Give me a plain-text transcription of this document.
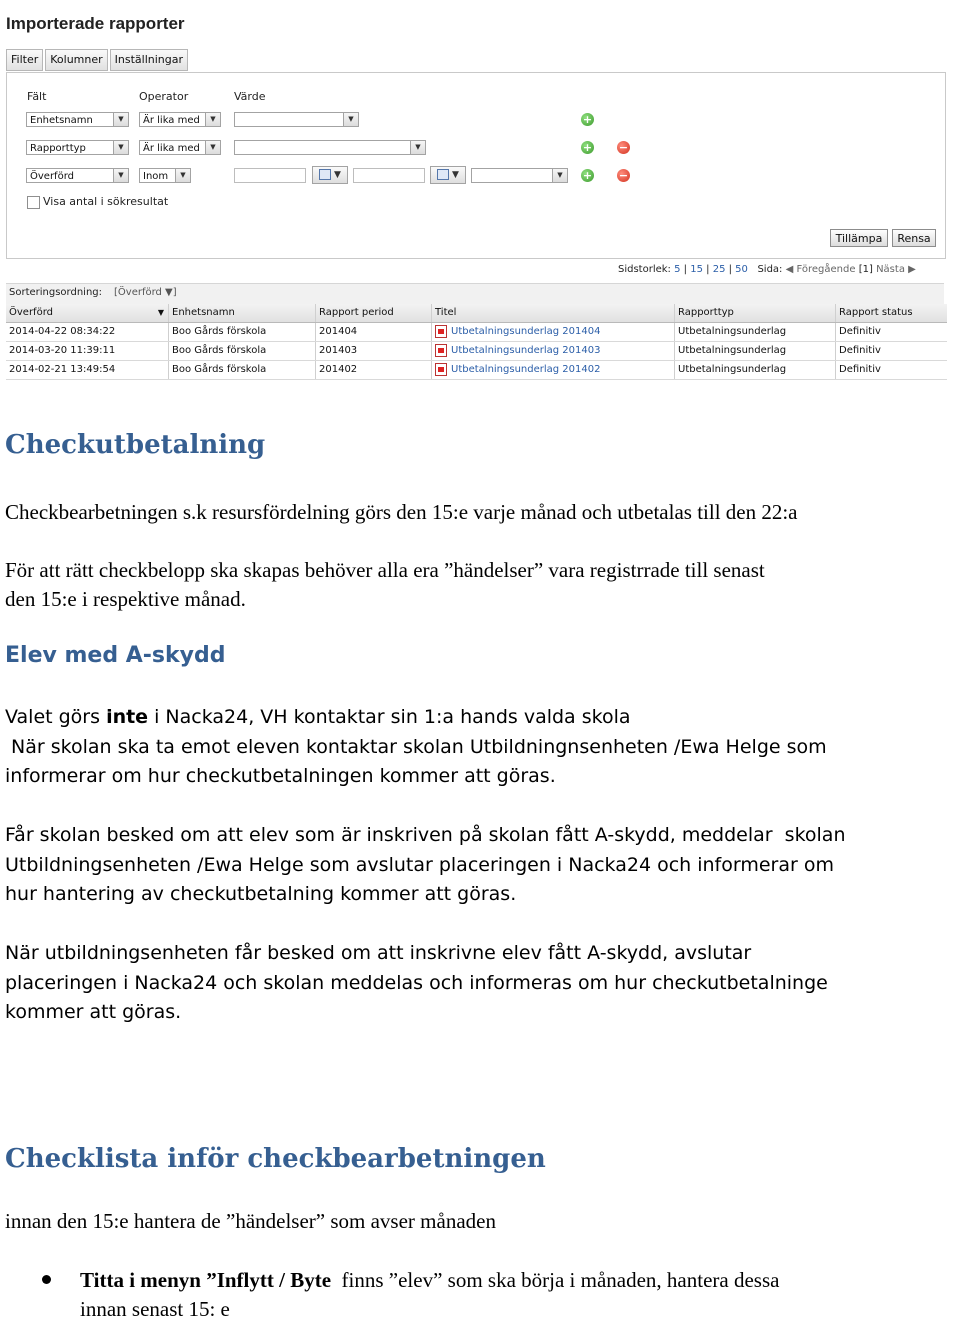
Importerade rapporter
Filter	Kolumner	Inställningar
Fält	Operator	Värde
Enhetsnamn	▼	Är lika med	▼	▼	+
Rapporttyp	▼	Är lika med	▼	▼	+ −
Överförd	▼	Inom	▼	▼	▼	▼	+ −
Visa antal i sökresultat
Tillämpa	Rensa
Sidstorlek: 5 | 15 | 25 | 50 Sida: ◀ Föregående [1] Nästa ▶
Sorteringsordning: [Överförd ▼]
Överförd	▼ Enhetsnamn	Rapport period	Titel	Rapporttyp	Rapport status
2014-04-22 08:34:22	Boo Gårds förskola	201404	Utbetalningsunderlag 201404	Utbetalningsunderlag	Definitiv
2014-03-20 11:39:11	Boo Gårds förskola	201403	Utbetalningsunderlag 201403	Utbetalningsunderlag	Definitiv
2014-02-21 13:49:54	Boo Gårds förskola	201402	Utbetalningsunderlag 201402	Utbetalningsunderlag	Definitiv
Checkutbetalning
Checkbearbetningen s.k resursfördelning görs den 15:e varje månad och utbetalas till den 22:a
För att rätt checkbelopp ska skapas behöver alla era ”händelser” vara registrrade till senast
den 15:e i respektive månad.
Elev med A-skydd
Valet görs inte i Nacka24, VH kontaktar sin 1:a hands valda skola
När skolan ska ta emot eleven kontaktar skolan Utbildningnsenheten /Ewa Helge som
informerar om hur checkutbetalningen kommer att göras.
Får skolan besked om att elev som är inskriven på skolan fått A-skydd, meddelar  skolan
Utbildningsenheten /Ewa Helge som avslutar placeringen i Nacka24 och informerar om
hur hantering av checkutbetalning kommer att göras.
När utbildningsenheten får besked om att inskrivne elev fått A-skydd, avslutar
placeringen i Nacka24 och skolan meddelas och informeras om hur checkutbetalninge
kommer att göras.
Checklista inför checkbearbetningen
innan den 15:e hantera de ”händelser” som avser månaden
Titta i menyn ”Inflytt / Byte  finns ”elev” som ska börja i månaden, hantera dessa
innan senast 15: e
